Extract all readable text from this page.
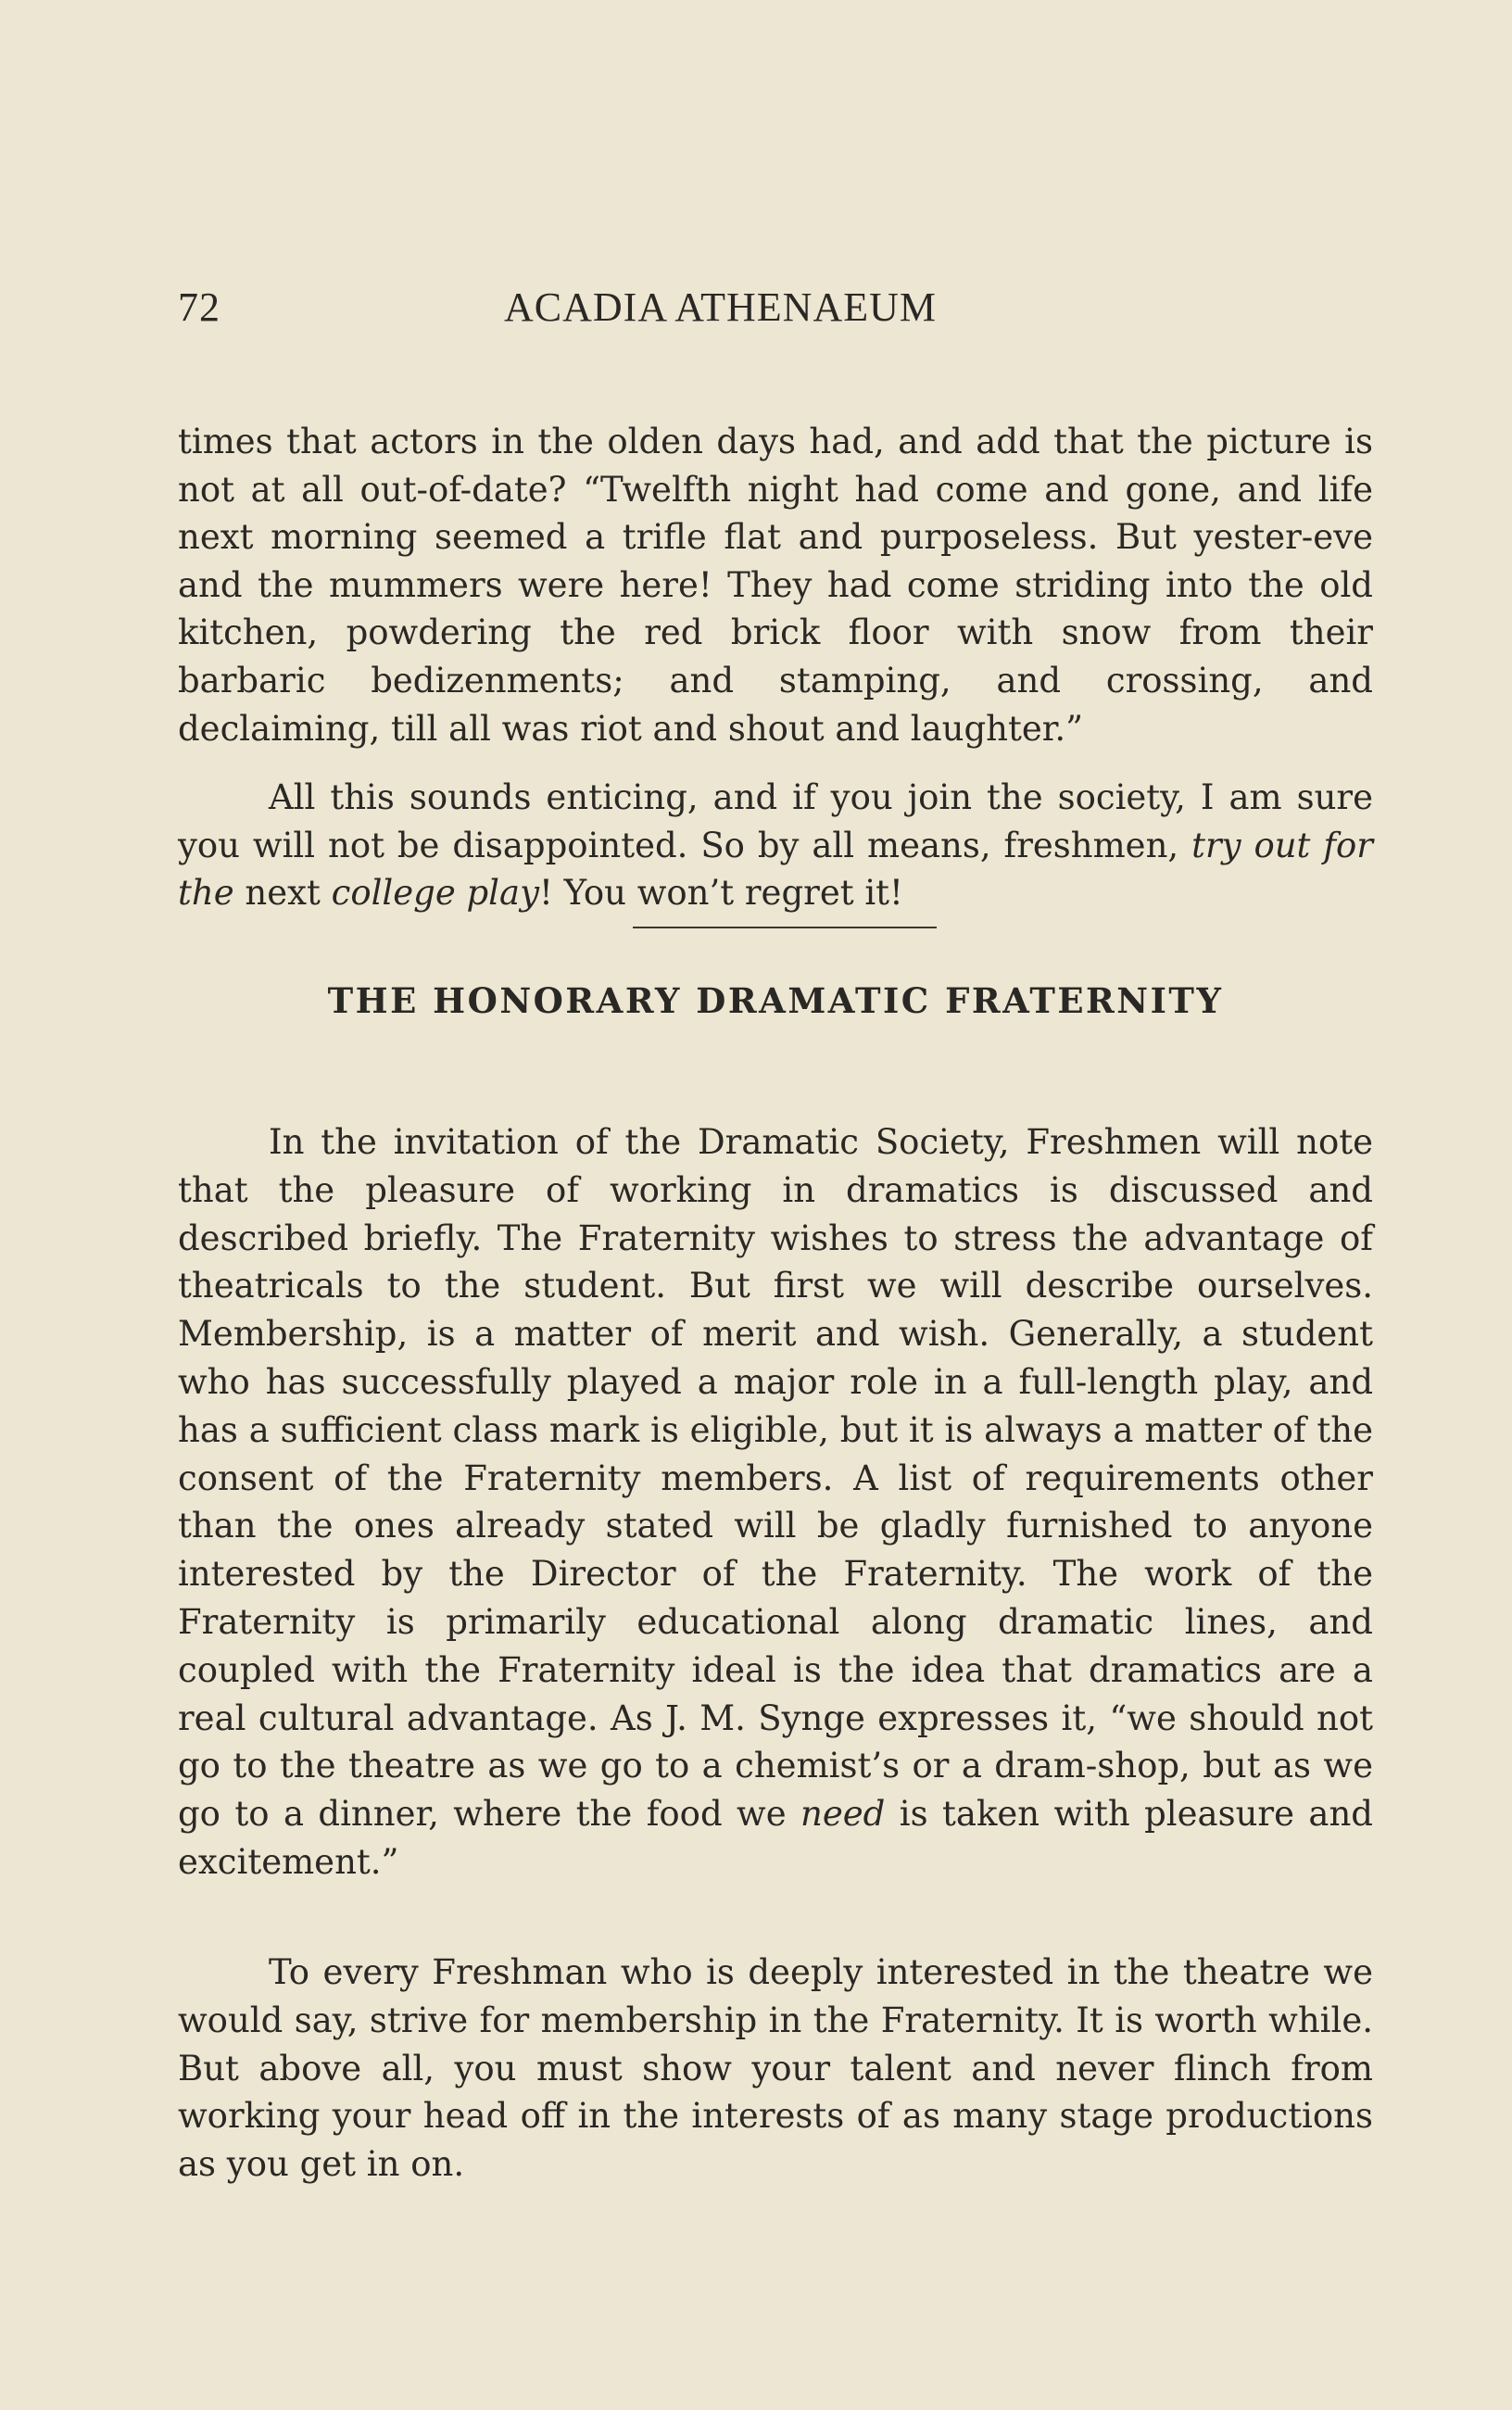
72	ACADIA ATHENAEUM

times that actors in the olden days had, and add that the picture is not at all out-of-date? “Twelfth night had come and gone, and life next morning seemed a trifle flat and purposeless. But yester-eve and the mummers were here! They had come striding into the old kitchen, powdering the red brick floor with snow from their barbaric bedizenments; and stamping, and crossing, and declaiming, till all was riot and shout and laughter.”

All this sounds enticing, and if you join the society, I am sure you will not be disappointed. So by all means, freshmen, try out for the next college play! You won’t regret it!

THE HONORARY DRAMATIC FRATERNITY

In the invitation of the Dramatic Society, Freshmen will note that the pleasure of working in dramatics is discussed and described briefly. The Fraternity wishes to stress the advantage of theatricals to the student. But first we will describe ourselves. Membership, is a matter of merit and wish. Generally, a student who has successfully played a major role in a full-length play, and has a sufficient class mark is eligible, but it is always a matter of the consent of the Fraternity members. A list of requirements other than the ones already stated will be gladly furnished to anyone interested by the Director of the Fraternity. The work of the Fraternity is primarily educational along dramatic lines, and coupled with the Fraternity ideal is the idea that dramatics are a real cultural advantage. As J. M. Synge expresses it, “we should not go to the theatre as we go to a chemist’s or a dram-shop, but as we go to a dinner, where the food we need is taken with pleasure and excitement.”

To every Freshman who is deeply interested in the theatre we would say, strive for membership in the Fraternity. It is worth while. But above all, you must show your talent and never flinch from working your head off in the interests of as many stage productions as you get in on.
